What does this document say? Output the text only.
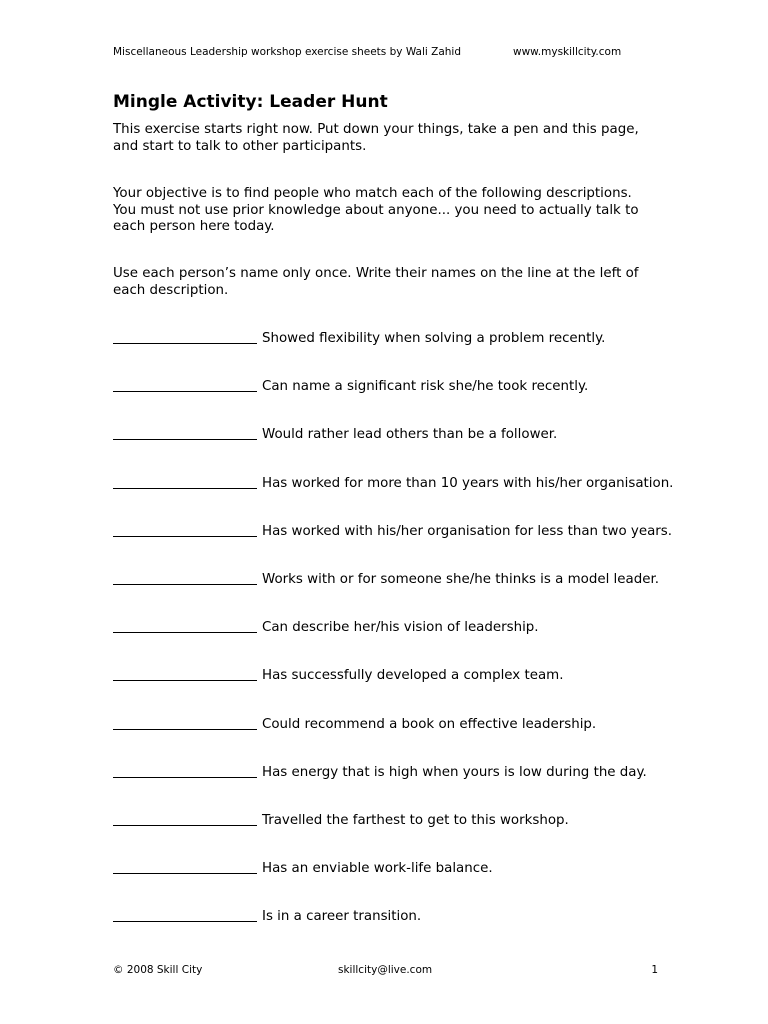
Miscellaneous Leadership workshop exercise sheets by Wali Zahid	www.myskillcity.com
Mingle Activity: Leader Hunt

This exercise starts right now. Put down your things, take a pen and this page, and start to talk to other participants.

Your objective is to find people who match each of the following descriptions. You must not use prior knowledge about anyone... you need to actually talk to each person here today.

Use each person’s name only once. Write their names on the line at the left of each description.

Showed flexibility when solving a problem recently.
Can name a significant risk she/he took recently.
Would rather lead others than be a follower.
Has worked for more than 10 years with his/her organisation.
Has worked with his/her organisation for less than two years.
Works with or for someone she/he thinks is a model leader.
Can describe her/his vision of leadership.
Has successfully developed a complex team.
Could recommend a book on effective leadership.
Has energy that is high when yours is low during the day.
Travelled the farthest to get to this workshop.
Has an enviable work-life balance.
Is in a career transition.
© 2008 Skill City	skillcity@live.com	1
